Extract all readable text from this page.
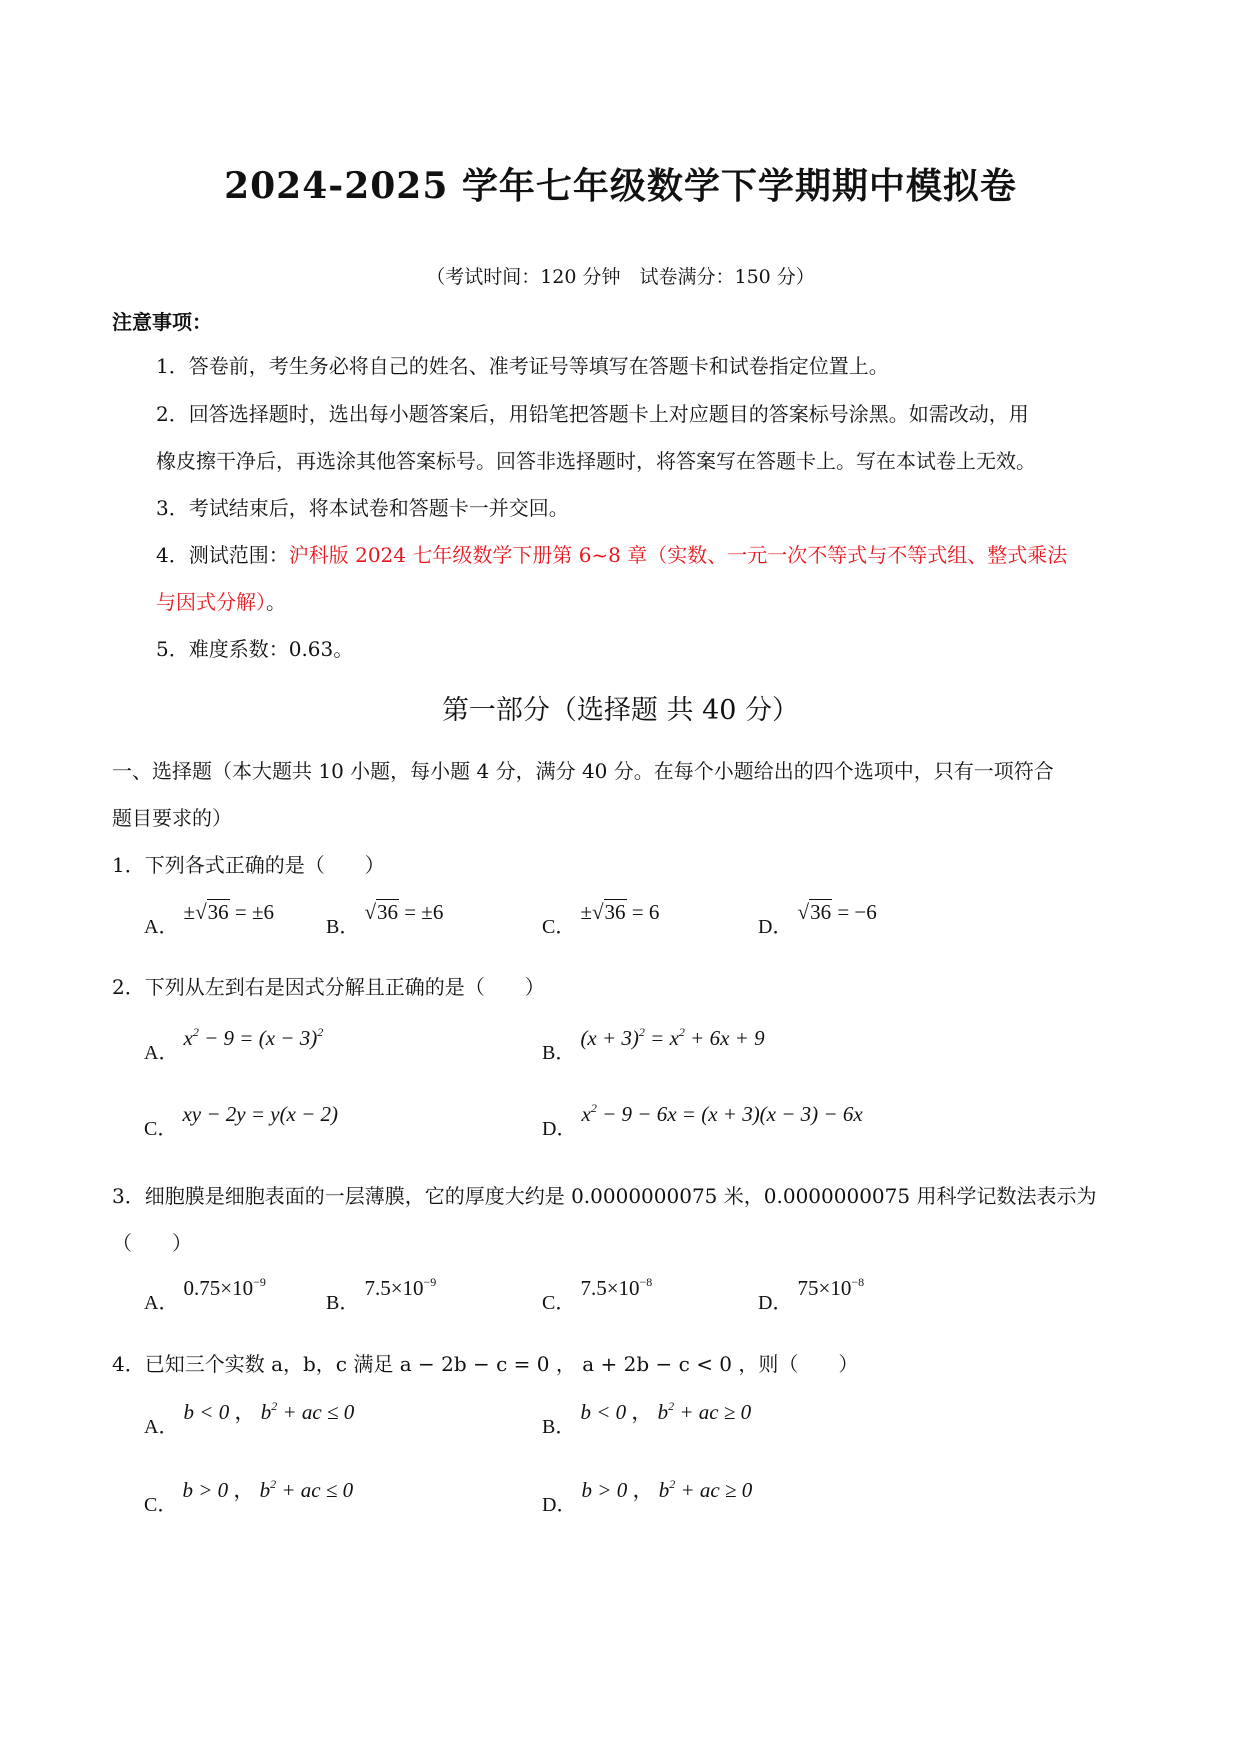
2024-2025 学年七年级数学下学期期中模拟卷
（考试时间：120 分钟　试卷满分：150 分）
注意事项：
1．答卷前，考生务必将自己的姓名、准考证号等填写在答题卡和试卷指定位置上。
2．回答选择题时，选出每小题答案后，用铅笔把答题卡上对应题目的答案标号涂黑。如需改动，用
橡皮擦干净后，再选涂其他答案标号。回答非选择题时，将答案写在答题卡上。写在本试卷上无效。
3．考试结束后，将本试卷和答题卡一并交回。
4．测试范围：沪科版 2024 七年级数学下册第 6~8 章（实数、一元一次不等式与不等式组、整式乘法
与因式分解）。
5．难度系数：0.63。
第一部分（选择题 共 40 分）
一、选择题（本大题共 10 小题，每小题 4 分，满分 40 分。在每个小题给出的四个选项中，只有一项符合
题目要求的）
1．下列各式正确的是（　　）
A． ±√36 = ±6
B． √36 = ±6
C． ±√36 = 6
D． √36 = −6
2．下列从左到右是因式分解且正确的是（　　）
A． $x^2 - 9 = (x - 3)^2$
B． $(x + 3)^2 = x^2 + 6x + 9$
C． xy − 2y = y(x − 2)
D． $x^2 - 9 - 6x = (x + 3)(x - 3) - 6x$
3．细胞膜是细胞表面的一层薄膜，它的厚度大约是 0.0000000075 米，0.0000000075 用科学记数法表示为
（　　）
A． $0.75\times 10^{-9}$
B． $7.5\times 10^{-9}$
C． $7.5\times 10^{-8}$
D． $75\times 10^{-8}$
4．已知三个实数 a，b，c 满足 a − 2b − c = 0 ， a + 2b − c < 0 ，则（　　）
A． b < 0 ， $b^2$ + ac ≤ 0
B． b < 0 ， $b^2$ + ac ≥ 0
C． b > 0 ， $b^2$ + ac ≤ 0
D． b > 0 ， $b^2$ + ac ≥ 0
